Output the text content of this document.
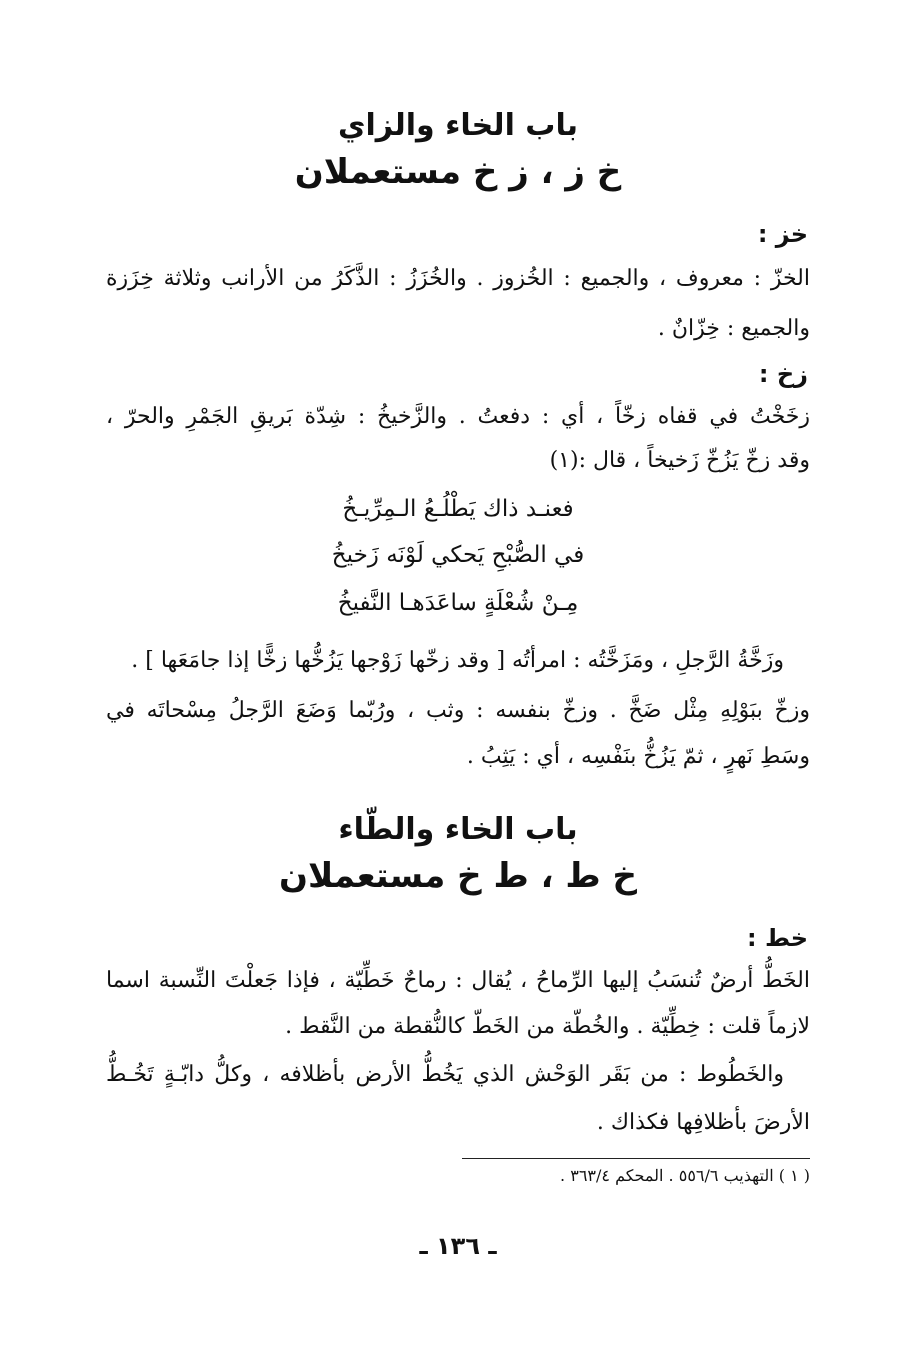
باب الخاء والزاي
خ ز ، ز خ مستعملان
خز :
الخزّ : معروف ، والجميع : الخُزوز . والخُزَزُ : الذَّكَرُ من الأرانب وثلاثة خِزَزة
والجميع : خِزّانٌ .
زخ :
زخَخْتُ في قفاه زخّاً ، أي : دفعتُ . والزَّخيخُ : شِدّة بَريقِ الجَمْرِ والحرّ ،
وقد زخّ يَزُخّ زَخيخاً ، قال :(١)
فعنـد ذاك يَطْلُـعُ الـمِرِّيـخُ
في الصُّبْحِ يَحكي لَوْنَه زَخيخُ
مِـنْ شُعْلَةٍ ساعَدَهـا النَّفيخُ
وزَخَّةُ الرَّجلِ ، ومَزَخَّتُه : امرأتُه [ وقد زخّها زَوْجها يَزُخُّها زخًّا إذا جامَعَها ] .
وزخّ ببَوْلِهِ مِثْل ضَخَّ . وزخّ بنفسه : وثب ، ورُبّما وَضَعَ الرَّجلُ مِسْحاتَه في
وسَطِ نَهرٍ ، ثمّ يَزُخُّ بنَفْسِه ، أي : يَثِبُ .
باب الخاء والطّاء
خ ط ، ط خ مستعملان
خط :
الخَطُّ أرضٌ تُنسَبُ إليها الرِّماحُ ، يُقال : رماحٌ خَطِّيّة ، فإذا جَعلْتَ النِّسبة اسما
لازماً قلت : خِطِّيّة . والخُطّة من الخَطّ كالنُّقطة من النَّقط .
والخَطُوط : من بَقَر الوَحْش الذي يَخُطُّ الأرض بأظلافه ، وكلُّ دابّـةٍ تَخُـطُّ
الأرضَ بأظلافِها فكذاك .
( ١ ) التهذيب ٥٥٦/٦ . المحكم ٣٦٣/٤ .
ـ ١٣٦ ـ
